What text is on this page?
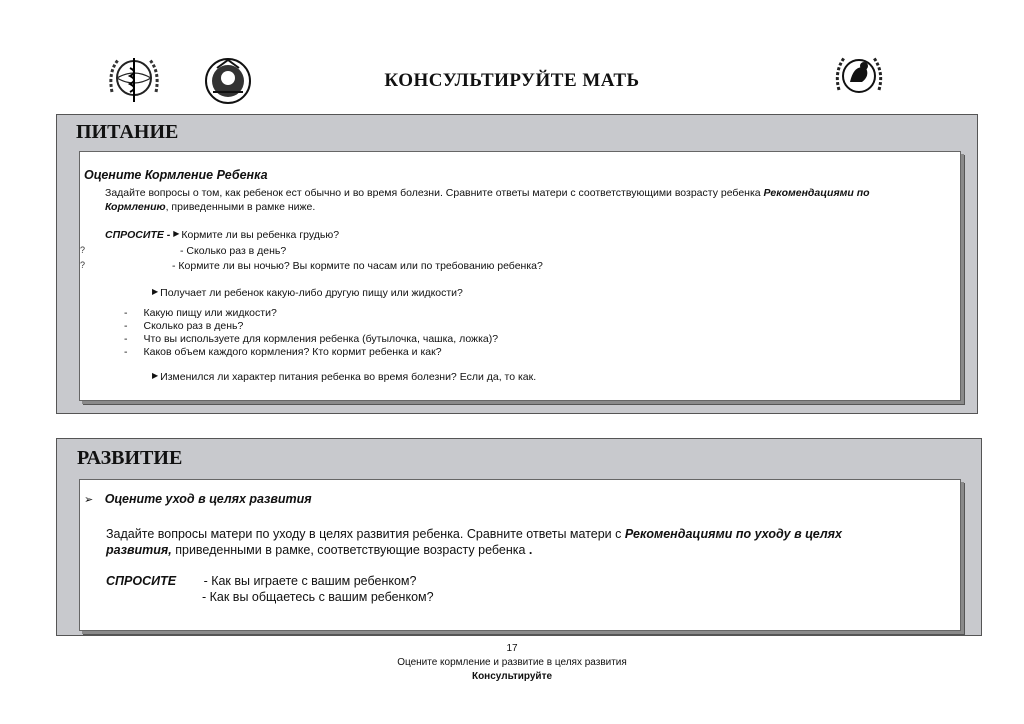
КОНСУЛЬТИРУЙТЕ МАТЬ
ПИТАНИЕ
Оцените Кормление Ребенка
Задайте вопросы о том, как ребенок ест обычно и во время болезни. Сравните ответы матери с соответствующими возрасту ребенка Рекомендациями по
Кормлению, приведенными в рамке ниже.
СПРОСИТЕ - ▶ Кормите ли вы ребенка грудью?
?	- Сколько раз в день?
?	- Кормите ли вы ночью? Вы кормите по часам или по требованию ребенка?
▶ Получает ли ребенок какую-либо другую пищу или жидкости?
- Какую пищу или жидкости?
- Сколько раз в день?
- Что вы используете для кормления ребенка (бутылочка, чашка, ложка)?
- Каков объем каждого кормления? Кто кормит ребенка и как?
▶ Изменился ли характер питания ребенка во время болезни? Если да, то как.
РАЗВИТИЕ
➢ Оцените уход в целях развития
Задайте вопросы матери по уходу в целях развития ребенка. Сравните ответы матери с Рекомендациями по уходу в целях
развития, приведенными в рамке, соответствующие возрасту ребенка .
СПРОСИТЕ - Как вы играете с вашим ребенком?
- Как вы общаетесь с вашим ребенком?
17
Оцените кормление и развитие в целях развития
Консультируйте
